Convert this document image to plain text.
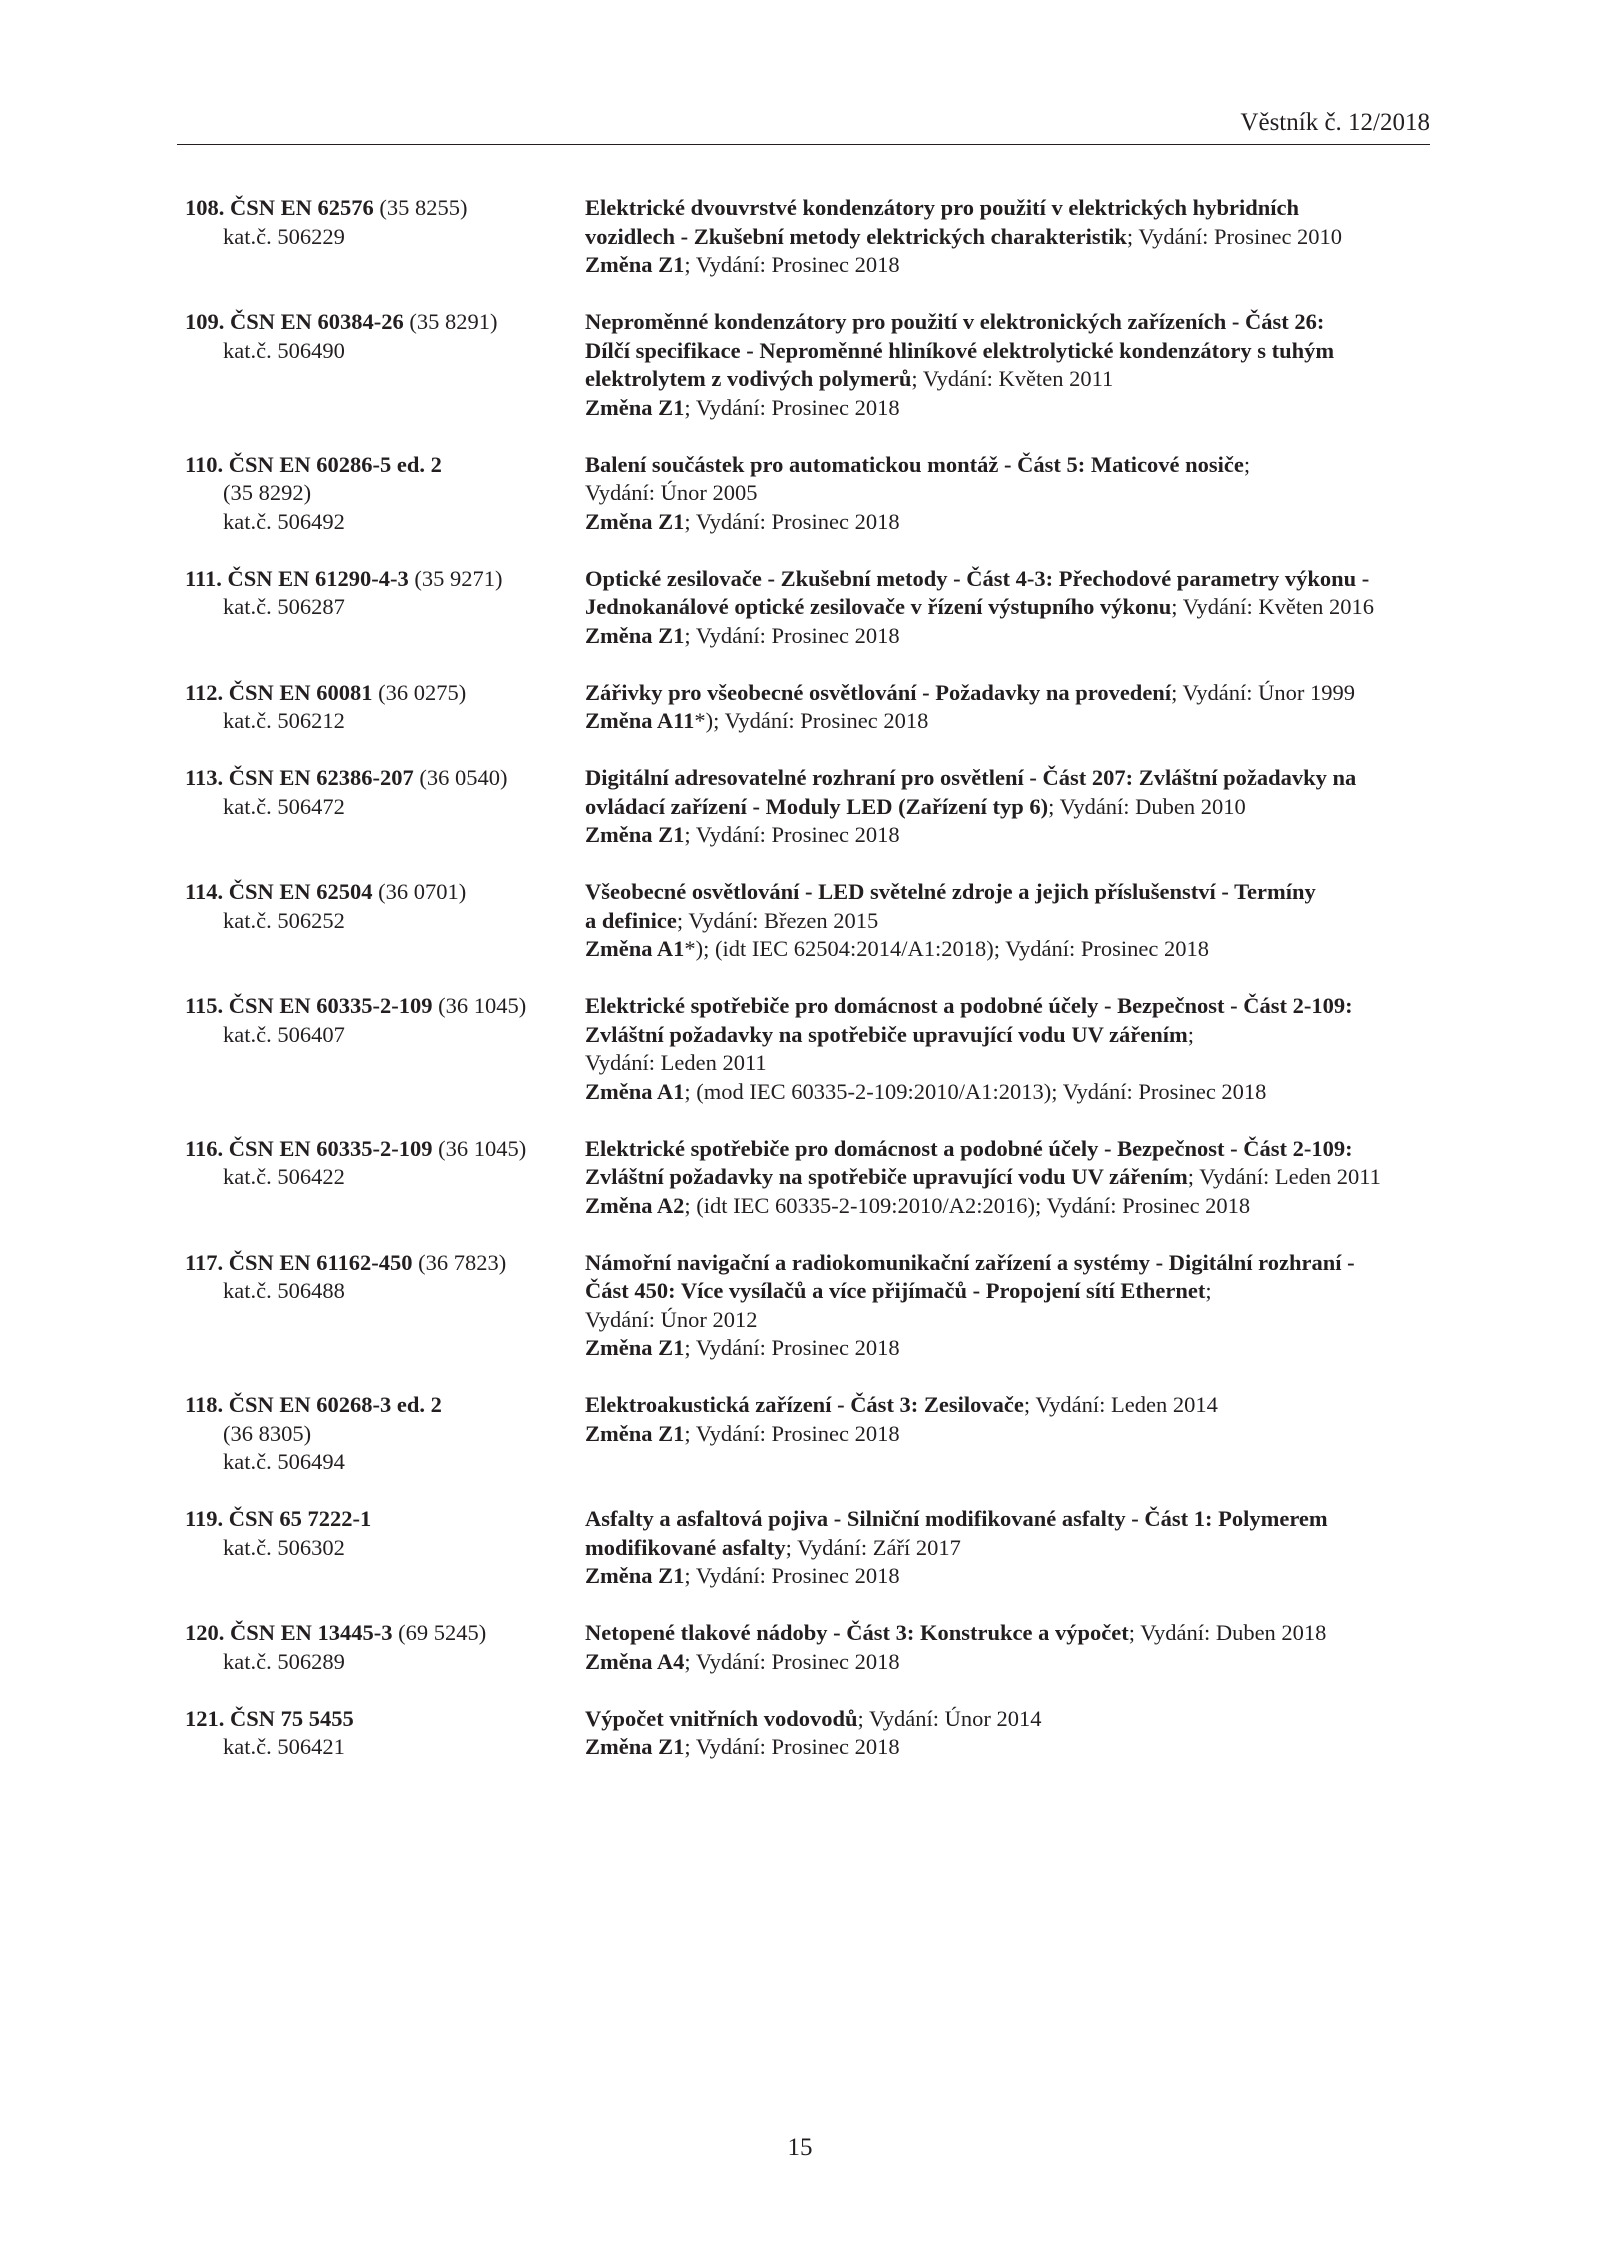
Věstník č. 12/2018
108. ČSN EN 62576 (35 8255)
kat.č. 506229
Elektrické dvouvrstvé kondenzátory pro použití v elektrických hybridních
vozidlech - Zkušební metody elektrických charakteristik; Vydání: Prosinec 2010
Změna Z1; Vydání: Prosinec 2018
109. ČSN EN 60384-26 (35 8291)
kat.č. 506490
Neproměnné kondenzátory pro použití v elektronických zařízeních - Část 26:
Dílčí specifikace - Neproměnné hliníkové elektrolytické kondenzátory s tuhým
elektrolytem z vodivých polymerů; Vydání: Květen 2011
Změna Z1; Vydání: Prosinec 2018
110. ČSN EN 60286-5 ed. 2
(35 8292)
kat.č. 506492
Balení součástek pro automatickou montáž - Část 5: Maticové nosiče;
Vydání: Únor 2005
Změna Z1; Vydání: Prosinec 2018
111. ČSN EN 61290-4-3 (35 9271)
kat.č. 506287
Optické zesilovače - Zkušební metody - Část 4-3: Přechodové parametry výkonu -
Jednokanálové optické zesilovače v řízení výstupního výkonu; Vydání: Květen 2016
Změna Z1; Vydání: Prosinec 2018
112. ČSN EN 60081 (36 0275)
kat.č. 506212
Zářivky pro všeobecné osvětlování - Požadavky na provedení; Vydání: Únor 1999
Změna A11*); Vydání: Prosinec 2018
113. ČSN EN 62386-207 (36 0540)
kat.č. 506472
Digitální adresovatelné rozhraní pro osvětlení - Část 207: Zvláštní požadavky na
ovládací zařízení - Moduly LED (Zařízení typ 6); Vydání: Duben 2010
Změna Z1; Vydání: Prosinec 2018
114. ČSN EN 62504 (36 0701)
kat.č. 506252
Všeobecné osvětlování - LED světelné zdroje a jejich příslušenství - Termíny
a definice; Vydání: Březen 2015
Změna A1*); (idt IEC 62504:2014/A1:2018); Vydání: Prosinec 2018
115. ČSN EN 60335-2-109 (36 1045)
kat.č. 506407
Elektrické spotřebiče pro domácnost a podobné účely - Bezpečnost - Část 2-109:
Zvláštní požadavky na spotřebiče upravující vodu UV zářením;
Vydání: Leden 2011
Změna A1; (mod IEC 60335-2-109:2010/A1:2013); Vydání: Prosinec 2018
116. ČSN EN 60335-2-109 (36 1045)
kat.č. 506422
Elektrické spotřebiče pro domácnost a podobné účely - Bezpečnost - Část 2-109:
Zvláštní požadavky na spotřebiče upravující vodu UV zářením; Vydání: Leden 2011
Změna A2; (idt IEC 60335-2-109:2010/A2:2016); Vydání: Prosinec 2018
117. ČSN EN 61162-450 (36 7823)
kat.č. 506488
Námořní navigační a radiokomunikační zařízení a systémy - Digitální rozhraní -
Část 450: Více vysílačů a více přijímačů - Propojení sítí Ethernet;
Vydání: Únor 2012
Změna Z1; Vydání: Prosinec 2018
118. ČSN EN 60268-3 ed. 2
(36 8305)
kat.č. 506494
Elektroakustická zařízení - Část 3: Zesilovače; Vydání: Leden 2014
Změna Z1; Vydání: Prosinec 2018
119. ČSN 65 7222-1
kat.č. 506302
Asfalty a asfaltová pojiva - Silniční modifikované asfalty - Část 1: Polymerem
modifikované asfalty; Vydání: Září 2017
Změna Z1; Vydání: Prosinec 2018
120. ČSN EN 13445-3 (69 5245)
kat.č. 506289
Netopené tlakové nádoby - Část 3: Konstrukce a výpočet; Vydání: Duben 2018
Změna A4; Vydání: Prosinec 2018
121. ČSN 75 5455
kat.č. 506421
Výpočet vnitřních vodovodů; Vydání: Únor 2014
Změna Z1; Vydání: Prosinec 2018
15
